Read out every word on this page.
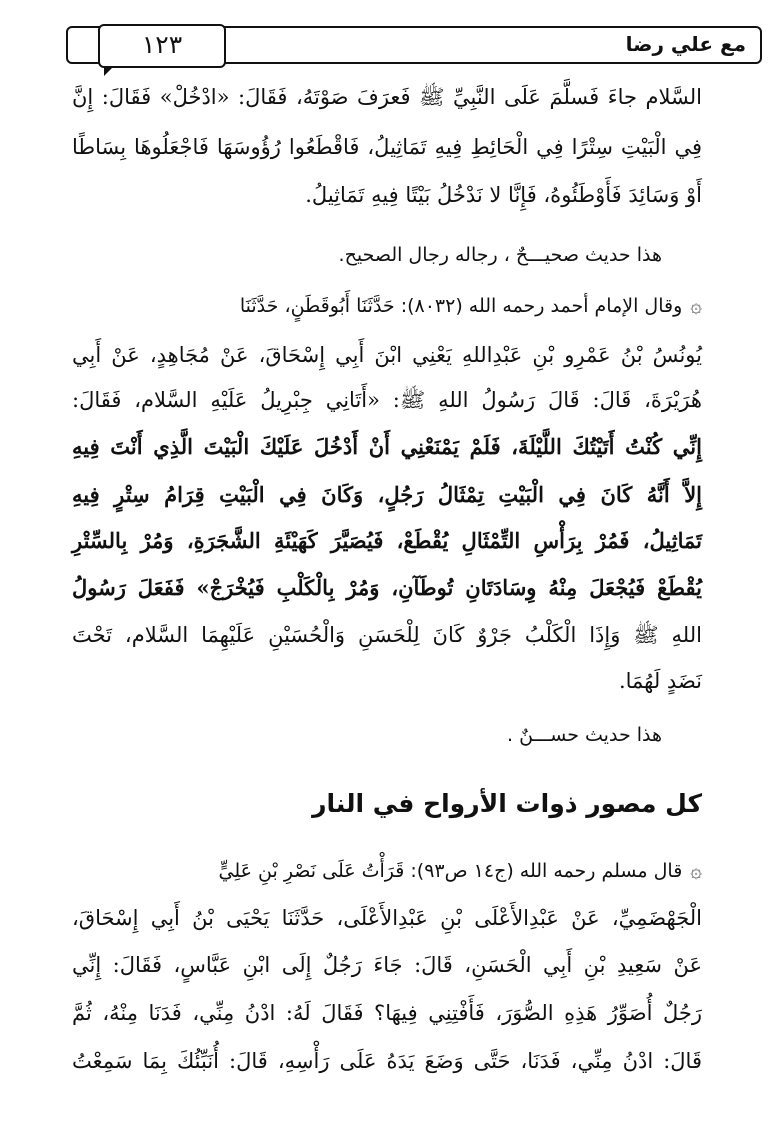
مع علي رضا
١٢٣
السَّلام جاءَ فَسلَّمَ عَلَى النَّبِيِّ ﷺ فَعرَفَ صَوْتَهُ، فَقَالَ: «ادْخُلْ» فَقَالَ: إِنَّ
فِي الْبَيْتِ سِتْرًا فِي الْحَائِطِ فِيهِ تَمَاثِيلُ، فَاقْطَعُوا رُؤُوسَهَا فَاجْعَلُوهَا بِسَاطًا
أَوْ وَسَائِدَ فَأَوْطَئُوهُ، فَإِنَّا لا نَدْخُلُ بَيْتًا فِيهِ تَمَاثِيلُ.
هذا حديث صحيـــحٌ ، رجاله رجال الصحيح.
۞وقال الإمام أحمد رحمه الله (٨٠٣٢): حَدَّثَنَا أَبُوقَطَنٍ، حَدَّثَنَا
يُونُسُ بْنُ عَمْرِو بْنِ عَبْدِاللهِ يَعْنِي ابْنَ أَبِي إِسْحَاقَ، عَنْ مُجَاهِدٍ، عَنْ أَبِي
هُرَيْرَةَ، قَالَ: قَالَ رَسُولُ اللهِ ﷺ: «أَتَانِي جِبْرِيلُ عَلَيْهِ السَّلام، فَقَالَ:
إِنِّي كُنْتُ أَتَيْتُكَ اللَّيْلَةَ، فَلَمْ يَمْنَعْنِي أَنْ أَدْخُلَ عَلَيْكَ الْبَيْتَ الَّذِي أَنْتَ فِيهِ
إِلاَّ أَنَّهُ كَانَ فِي الْبَيْتِ تِمْثَالُ رَجُلٍ، وَكَانَ فِي الْبَيْتِ قِرَامُ سِتْرٍ فِيهِ
تَمَاثِيلُ، فَمُرْ بِرَأْسِ التِّمْثَالِ يُقْطَعْ، فَيُصَيَّرَ كَهَيْئَةِ الشَّجَرَةِ، وَمُرْ بِالسِّتْرِ
يُقْطَعْ فَيُجْعَلَ مِنْهُ وِسَادَتَانِ تُوطَآنِ، وَمُرْ بِالْكَلْبِ فَيُخْرَجْ» فَفَعَلَ رَسُولُ
اللهِ ﷺ وَإِذَا الْكَلْبُ جَرْوٌ كَانَ لِلْحَسَنِ وَالْحُسَيْنِ عَلَيْهِمَا السَّلام، تَحْتَ
نَضَدٍ لَهُمَا.
هذا حديث حســـنٌ .
كل مصور ذوات الأرواح في النار
۞قال مسلم رحمه الله (ج١٤ ص٩٣): قَرَأْتُ عَلَى نَصْرِ بْنِ عَلِيٍّ
الْجَهْضَمِيِّ، عَنْ عَبْدِالأَعْلَى بْنِ عَبْدِالأَعْلَى، حَدَّثَنَا يَحْيَى بْنُ أَبِي إِسْحَاقَ،
عَنْ سَعِيدِ بْنِ أَبِي الْحَسَنِ، قَالَ: جَاءَ رَجُلٌ إِلَى ابْنِ عَبَّاسٍ، فَقَالَ: إِنِّي
رَجُلٌ أُصَوِّرُ هَذِهِ الصُّوَرَ، فَأَفْتِنِي فِيهَا؟ فَقَالَ لَهُ: ادْنُ مِنِّي، فَدَنَا مِنْهُ، ثُمَّ
قَالَ: ادْنُ مِنِّي، فَدَنَا، حَتَّى وَضَعَ يَدَهُ عَلَى رَأْسِهِ، قَالَ: أُنَبِّئُكَ بِمَا سَمِعْتُ
